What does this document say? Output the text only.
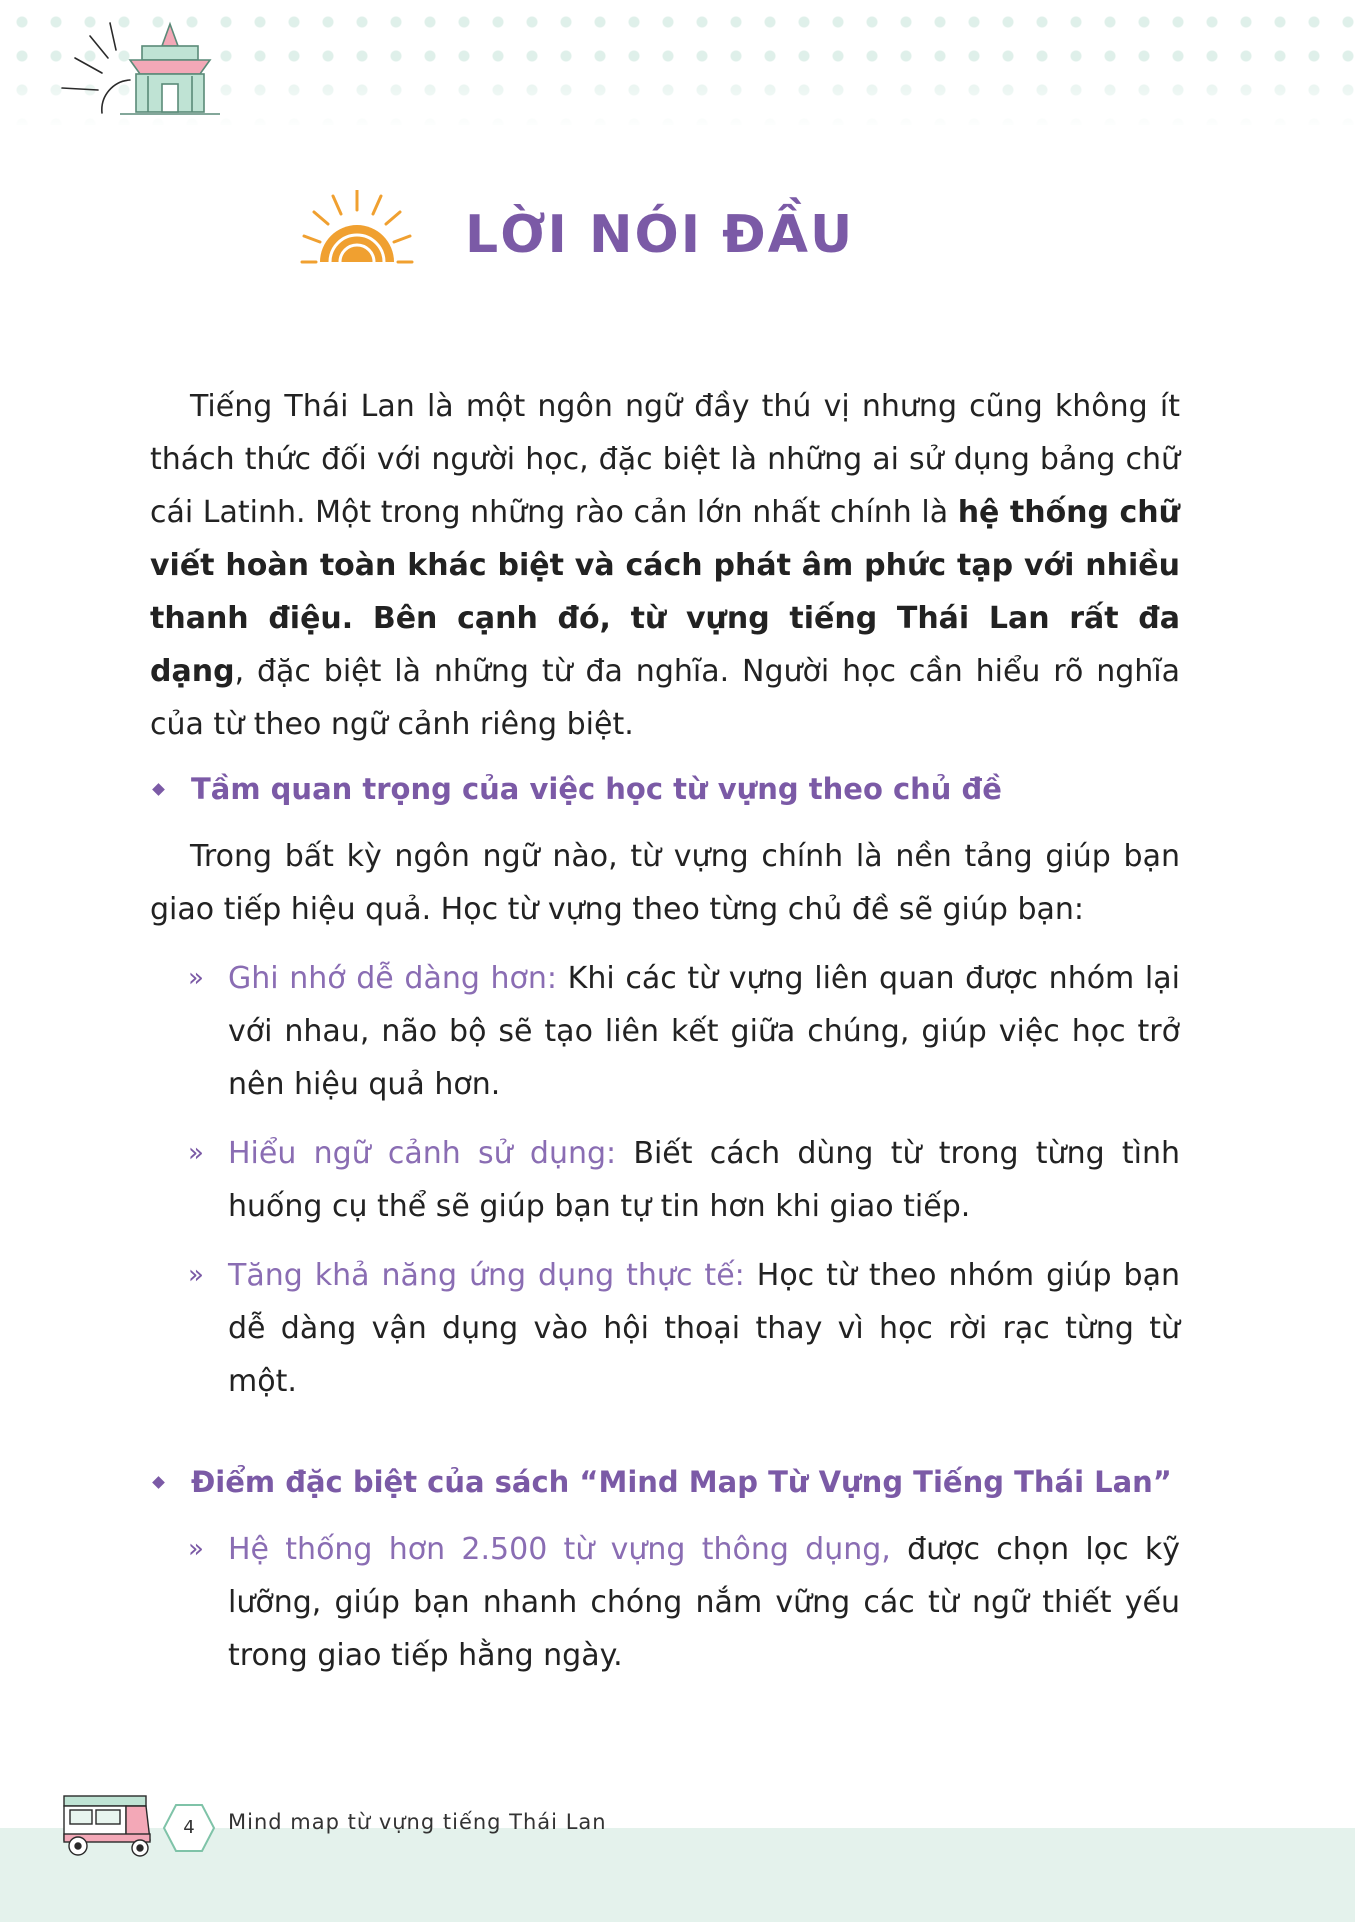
LỜI NÓI ĐẦU

Tiếng Thái Lan là một ngôn ngữ đầy thú vị nhưng cũng không ít thách thức đối với người học, đặc biệt là những ai sử dụng bảng chữ cái Latinh. Một trong những rào cản lớn nhất chính là hệ thống chữ viết hoàn toàn khác biệt và cách phát âm phức tạp với nhiều thanh điệu. Bên cạnh đó, từ vựng tiếng Thái Lan rất đa dạng, đặc biệt là những từ đa nghĩa. Người học cần hiểu rõ nghĩa của từ theo ngữ cảnh riêng biệt.

Tầm quan trọng của việc học từ vựng theo chủ đề

Trong bất kỳ ngôn ngữ nào, từ vựng chính là nền tảng giúp bạn giao tiếp hiệu quả. Học từ vựng theo từng chủ đề sẽ giúp bạn:

» Ghi nhớ dễ dàng hơn: Khi các từ vựng liên quan được nhóm lại với nhau, não bộ sẽ tạo liên kết giữa chúng, giúp việc học trở nên hiệu quả hơn.
» Hiểu ngữ cảnh sử dụng: Biết cách dùng từ trong từng tình huống cụ thể sẽ giúp bạn tự tin hơn khi giao tiếp.
» Tăng khả năng ứng dụng thực tế: Học từ theo nhóm giúp bạn dễ dàng vận dụng vào hội thoại thay vì học rời rạc từng từ một.
Điểm đặc biệt của sách “Mind Map Từ Vựng Tiếng Thái Lan”
» Hệ thống hơn 2.500 từ vựng thông dụng, được chọn lọc kỹ lưỡng, giúp bạn nhanh chóng nắm vững các từ ngữ thiết yếu trong giao tiếp hằng ngày.
4	Mind map từ vựng tiếng Thái Lan
